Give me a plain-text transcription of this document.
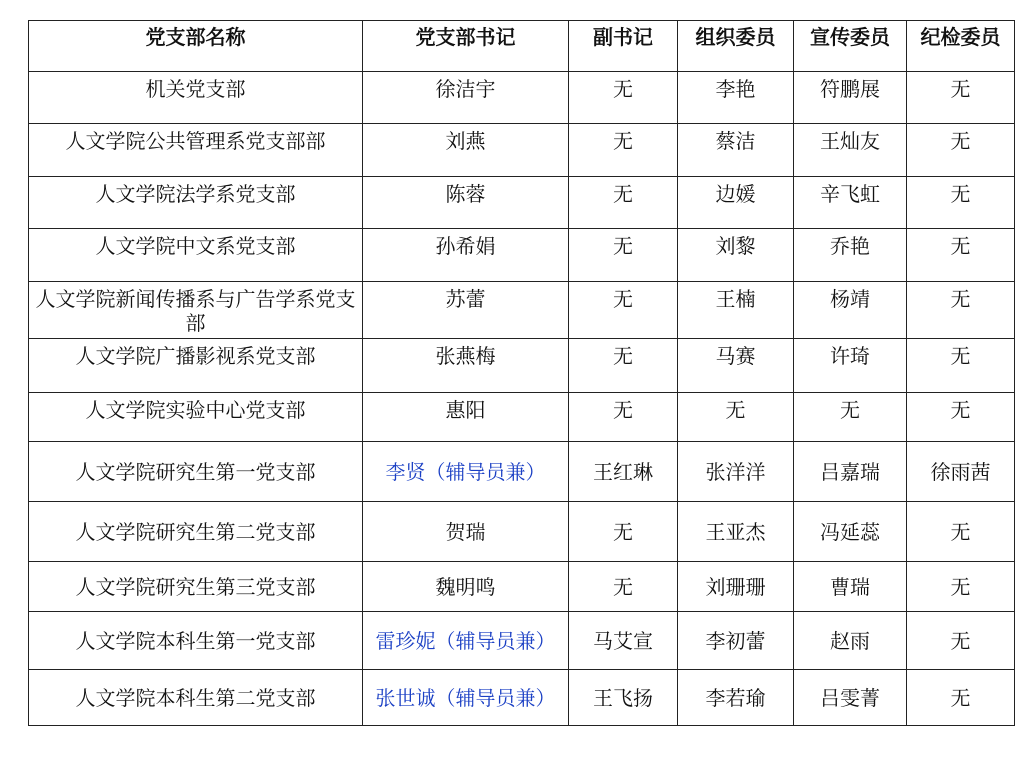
党支部名称	党支部书记	副书记	组织委员	宣传委员	纪检委员
机关党支部	徐洁宇	无	李艳	符鹏展	无
人文学院公共管理系党支部部	刘燕	无	蔡洁	王灿友	无
人文学院法学系党支部	陈蓉	无	边媛	辛飞虹	无
人文学院中文系党支部	孙希娟	无	刘黎	乔艳	无
人文学院新闻传播系与广告学系党支部	苏蕾	无	王楠	杨靖	无
人文学院广播影视系党支部	张燕梅	无	马赛	许琦	无
人文学院实验中心党支部	惠阳	无	无	无	无
人文学院研究生第一党支部	李贤（辅导员兼）	王红琳	张洋洋	吕嘉瑞	徐雨茜
人文学院研究生第二党支部	贺瑞	无	王亚杰	冯延蕊	无
人文学院研究生第三党支部	魏明鸣	无	刘珊珊	曹瑞	无
人文学院本科生第一党支部	雷珍妮（辅导员兼）	马艾宣	李初蕾	赵雨	无
人文学院本科生第二党支部	张世诚（辅导员兼）	王飞扬	李若瑜	吕雯菁	无
